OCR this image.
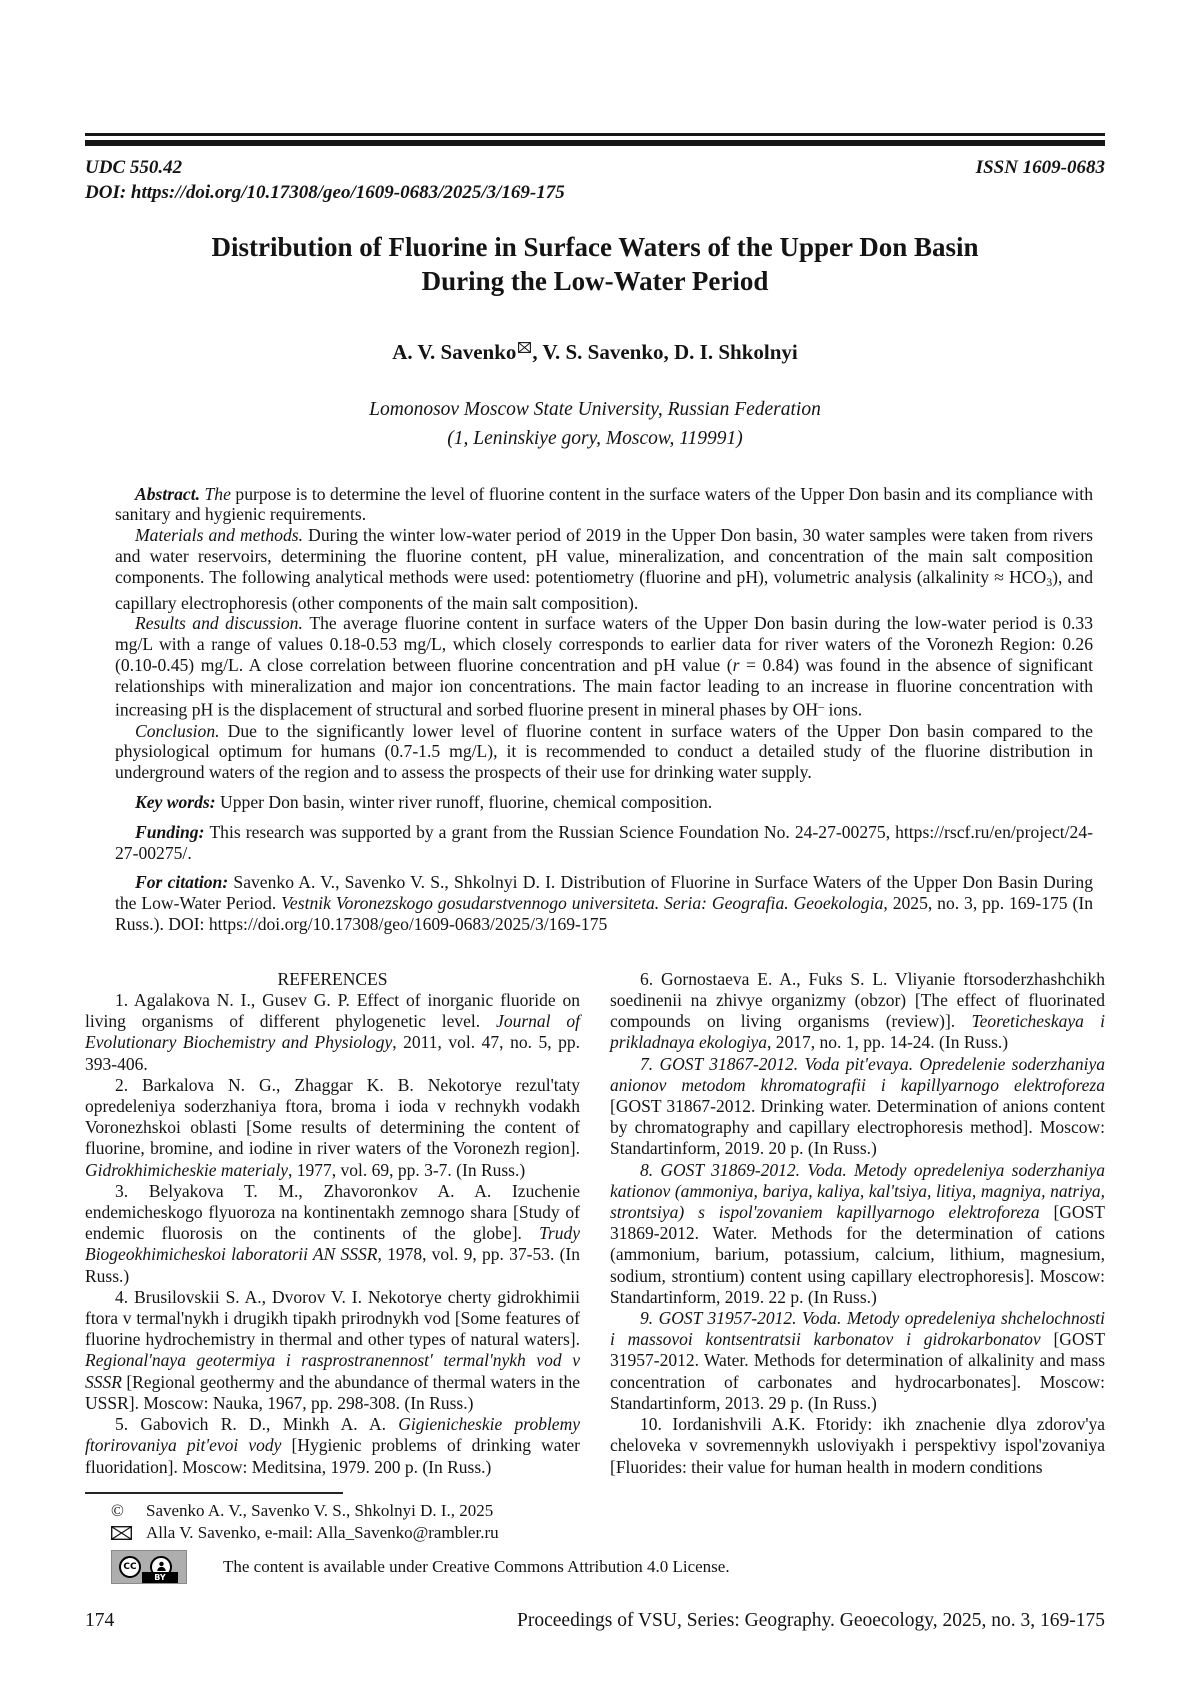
UDC 550.42	ISSN 1609-0683
DOI: https://doi.org/10.17308/geo/1609-0683/2025/3/169-175
Distribution of Fluorine in Surface Waters of the Upper Don Basin
During the Low-Water Period
A. V. Savenko , V. S. Savenko, D. I. Shkolnyi
Lomonosov Moscow State University, Russian Federation
(1, Leninskiye gory, Moscow, 119991)

Abstract. The purpose is to determine the level of fluorine content in the surface waters of the Upper Don basin and its compliance with sanitary and hygienic requirements.

Materials and methods. During the winter low-water period of 2019 in the Upper Don basin, 30 water samples were taken from rivers and water reservoirs, determining the fluorine content, pH value, mineralization, and concentration of the main salt composition components. The following analytical methods were used: potentiometry (fluorine and pH), volumetric analysis (alkalinity ≈ HCO3), and capillary electrophoresis (other components of the main salt composition).

Results and discussion. The average fluorine content in surface waters of the Upper Don basin during the low-water period is 0.33 mg/L with a range of values 0.18-0.53 mg/L, which closely corresponds to earlier data for river waters of the Voronezh Region: 0.26 (0.10-0.45) mg/L. A close correlation between fluorine concentration and pH value (r = 0.84) was found in the absence of significant relationships with mineralization and major ion concentrations. The main factor leading to an increase in fluorine concentration with increasing pH is the displacement of structural and sorbed fluorine present in mineral phases by OH– ions.

Conclusion. Due to the significantly lower level of fluorine content in surface waters of the Upper Don basin compared to the physiological optimum for humans (0.7-1.5 mg/L), it is recommended to conduct a detailed study of the fluorine distribution in underground waters of the region and to assess the prospects of their use for drinking water supply.

Key words: Upper Don basin, winter river runoff, fluorine, chemical composition.

Funding: This research was supported by a grant from the Russian Science Foundation No. 24-27-00275, https://rscf.ru/en/project/24-27-00275/.

For citation: Savenko A. V., Savenko V. S., Shkolnyi D. I. Distribution of Fluorine in Surface Waters of the Upper Don Basin During the Low-Water Period. Vestnik Voronezskogo gosudarstvennogo universiteta. Seria: Geografia. Geoekologia, 2025, no. 3, pp. 169-175 (In Russ.). DOI: https://doi.org/10.17308/geo/1609-0683/2025/3/169-175

REFERENCES

1. Agalakova N. I., Gusev G. P. Effect of inorganic fluoride on living organisms of different phylogenetic level. Journal of Evolutionary Biochemistry and Physiology, 2011, vol. 47, no. 5, pp. 393-406.

2. Barkalova N. G., Zhaggar K. B. Nekotorye rezul'taty opredeleniya soderzhaniya ftora, broma i ioda v rechnykh vodakh Voronezhskoi oblasti [Some results of determining the content of fluorine, bromine, and iodine in river waters of the Voronezh region]. Gidrokhimicheskie materialy, 1977, vol. 69, pp. 3-7. (In Russ.)

3. Belyakova T. M., Zhavoronkov A. A. Izuchenie endemicheskogo flyuoroza na kontinentakh zemnogo shara [Study of endemic fluorosis on the continents of the globe]. Trudy Biogeokhimicheskoi laboratorii AN SSSR, 1978, vol. 9, pp. 37-53. (In Russ.)

4. Brusilovskii S. A., Dvorov V. I. Nekotorye cherty gidrokhimii ftora v termal'nykh i drugikh tipakh prirodnykh vod [Some features of fluorine hydrochemistry in thermal and other types of natural waters]. Regional'naya geotermiya i rasprostranennost' termal'nykh vod v SSSR [Regional geothermy and the abundance of thermal waters in the USSR]. Moscow: Nauka, 1967, pp. 298-308. (In Russ.)

5. Gabovich R. D., Minkh A. A. Gigienicheskie problemy ftorirovaniya pit'evoi vody [Hygienic problems of drinking water fluoridation]. Moscow: Meditsina, 1979. 200 p. (In Russ.)

6. Gornostaeva E. A., Fuks S. L. Vliyanie ftorsoderzhashchikh soedinenii na zhivye organizmy (obzor) [The effect of fluorinated compounds on living organisms (review)]. Teoreticheskaya i prikladnaya ekologiya, 2017, no. 1, pp. 14-24. (In Russ.)

7. GOST 31867-2012. Voda pit'evaya. Opredelenie soderzhaniya anionov metodom khromatografii i kapillyarnogo elektroforeza [GOST 31867-2012. Drinking water. Determination of anions content by chromatography and capillary electrophoresis method]. Moscow: Standartinform, 2019. 20 p. (In Russ.)

8. GOST 31869-2012. Voda. Metody opredeleniya soderzhaniya kationov (ammoniya, bariya, kaliya, kal'tsiya, litiya, magniya, natriya, strontsiya) s ispol'zovaniem kapillyarnogo elektroforeza [GOST 31869-2012. Water. Methods for the determination of cations (ammonium, barium, potassium, calcium, lithium, magnesium, sodium, strontium) content using capillary electrophoresis]. Moscow: Standartinform, 2019. 22 p. (In Russ.)

9. GOST 31957-2012. Voda. Metody opredeleniya shchelochnosti i massovoi kontsentratsii karbonatov i gidrokarbonatov [GOST 31957-2012. Water. Methods for determination of alkalinity and mass concentration of carbonates and hydrocarbonates]. Moscow: Standartinform, 2013. 29 p. (In Russ.)

10. Iordanishvili A.K. Ftoridy: ikh znachenie dlya zdorov'ya cheloveka v sovremennykh usloviyakh i perspektivy ispol'zovaniya [Fluorides: their value for human health in modern conditions

©	Savenko A. V., Savenko V. S., Shkolnyi D. I., 2025
Alla V. Savenko, e-mail: Alla_Savenko@rambler.ru
CC
BY
The content is available under Creative Commons Attribution 4.0 License.
174	Proceedings of VSU, Series: Geography. Geoecology, 2025, no. 3, 169-175
